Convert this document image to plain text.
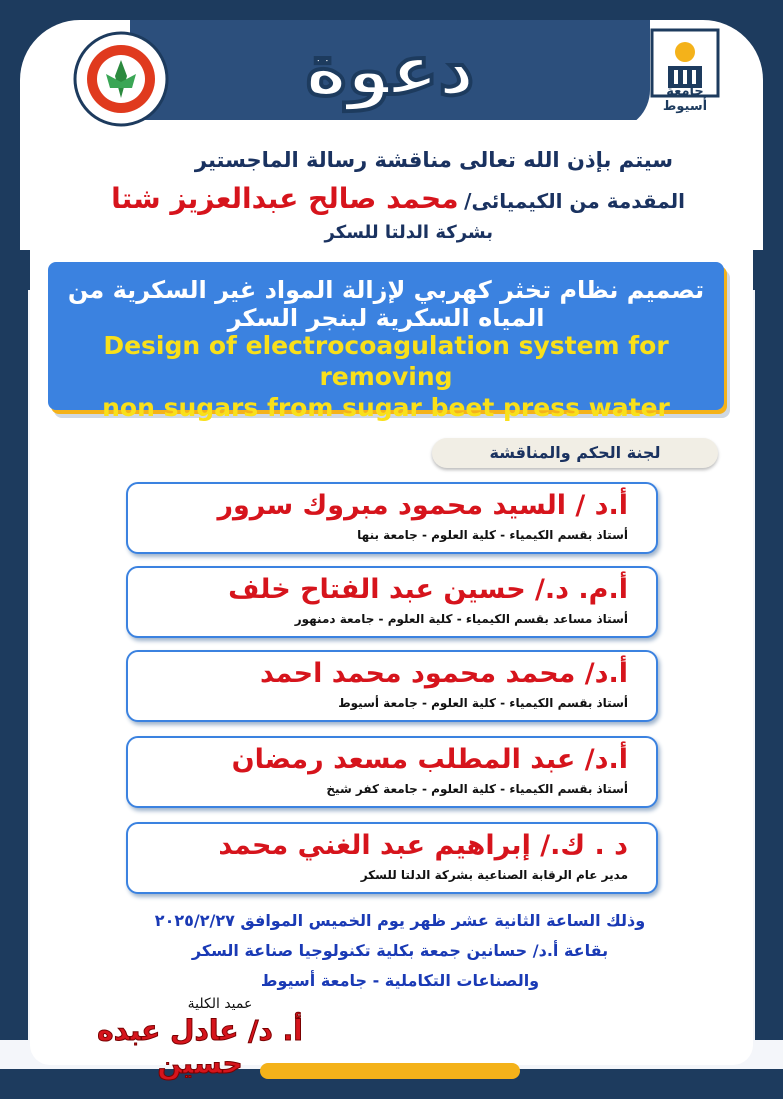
دعوة	جامعة أسيوط
سيتم بإذن الله تعالى مناقشة رسالة الماجستير
المقدمة من الكيميائى/ محمد صالح عبدالعزيز شتا
بشركة الدلتا للسكر
تصميم نظام تخثر كهربي لإزالة المواد غير السكرية من المياه السكرية لبنجر السكر
Design of electrocoagulation system for removing
non sugars from sugar beet press water
لجنة الحكم والمناقشة
أ.د / السيد محمود مبروك سرور
أستاذ بقسم الكيمياء - كلية العلوم - جامعة بنها
أ.م. د./ حسين عبد الفتاح خلف
أستاذ مساعد بقسم الكيمياء - كلية العلوم - جامعة دمنهور
أ.د/ محمد محمود محمد احمد
أستاذ بقسم الكيمياء - كلية العلوم - جامعة أسيوط
أ.د/ عبد المطلب مسعد رمضان
أستاذ بقسم الكيمياء - كلية العلوم - جامعة كفر شيخ
د . ك./ إبراهيم عبد الغني محمد
مدير عام الرقابة الصناعية بشركة الدلتا للسكر
وذلك الساعة الثانية عشر ظهر يوم الخميس الموافق ٢٠٢٥/٢/٢٧
بقاعة أ.د/ حسانين جمعة بكلية تكنولوجيا صناعة السكر
والصناعات التكاملية - جامعة أسيوط
عميد الكلية
أ. د/ عادل عبده حسين
